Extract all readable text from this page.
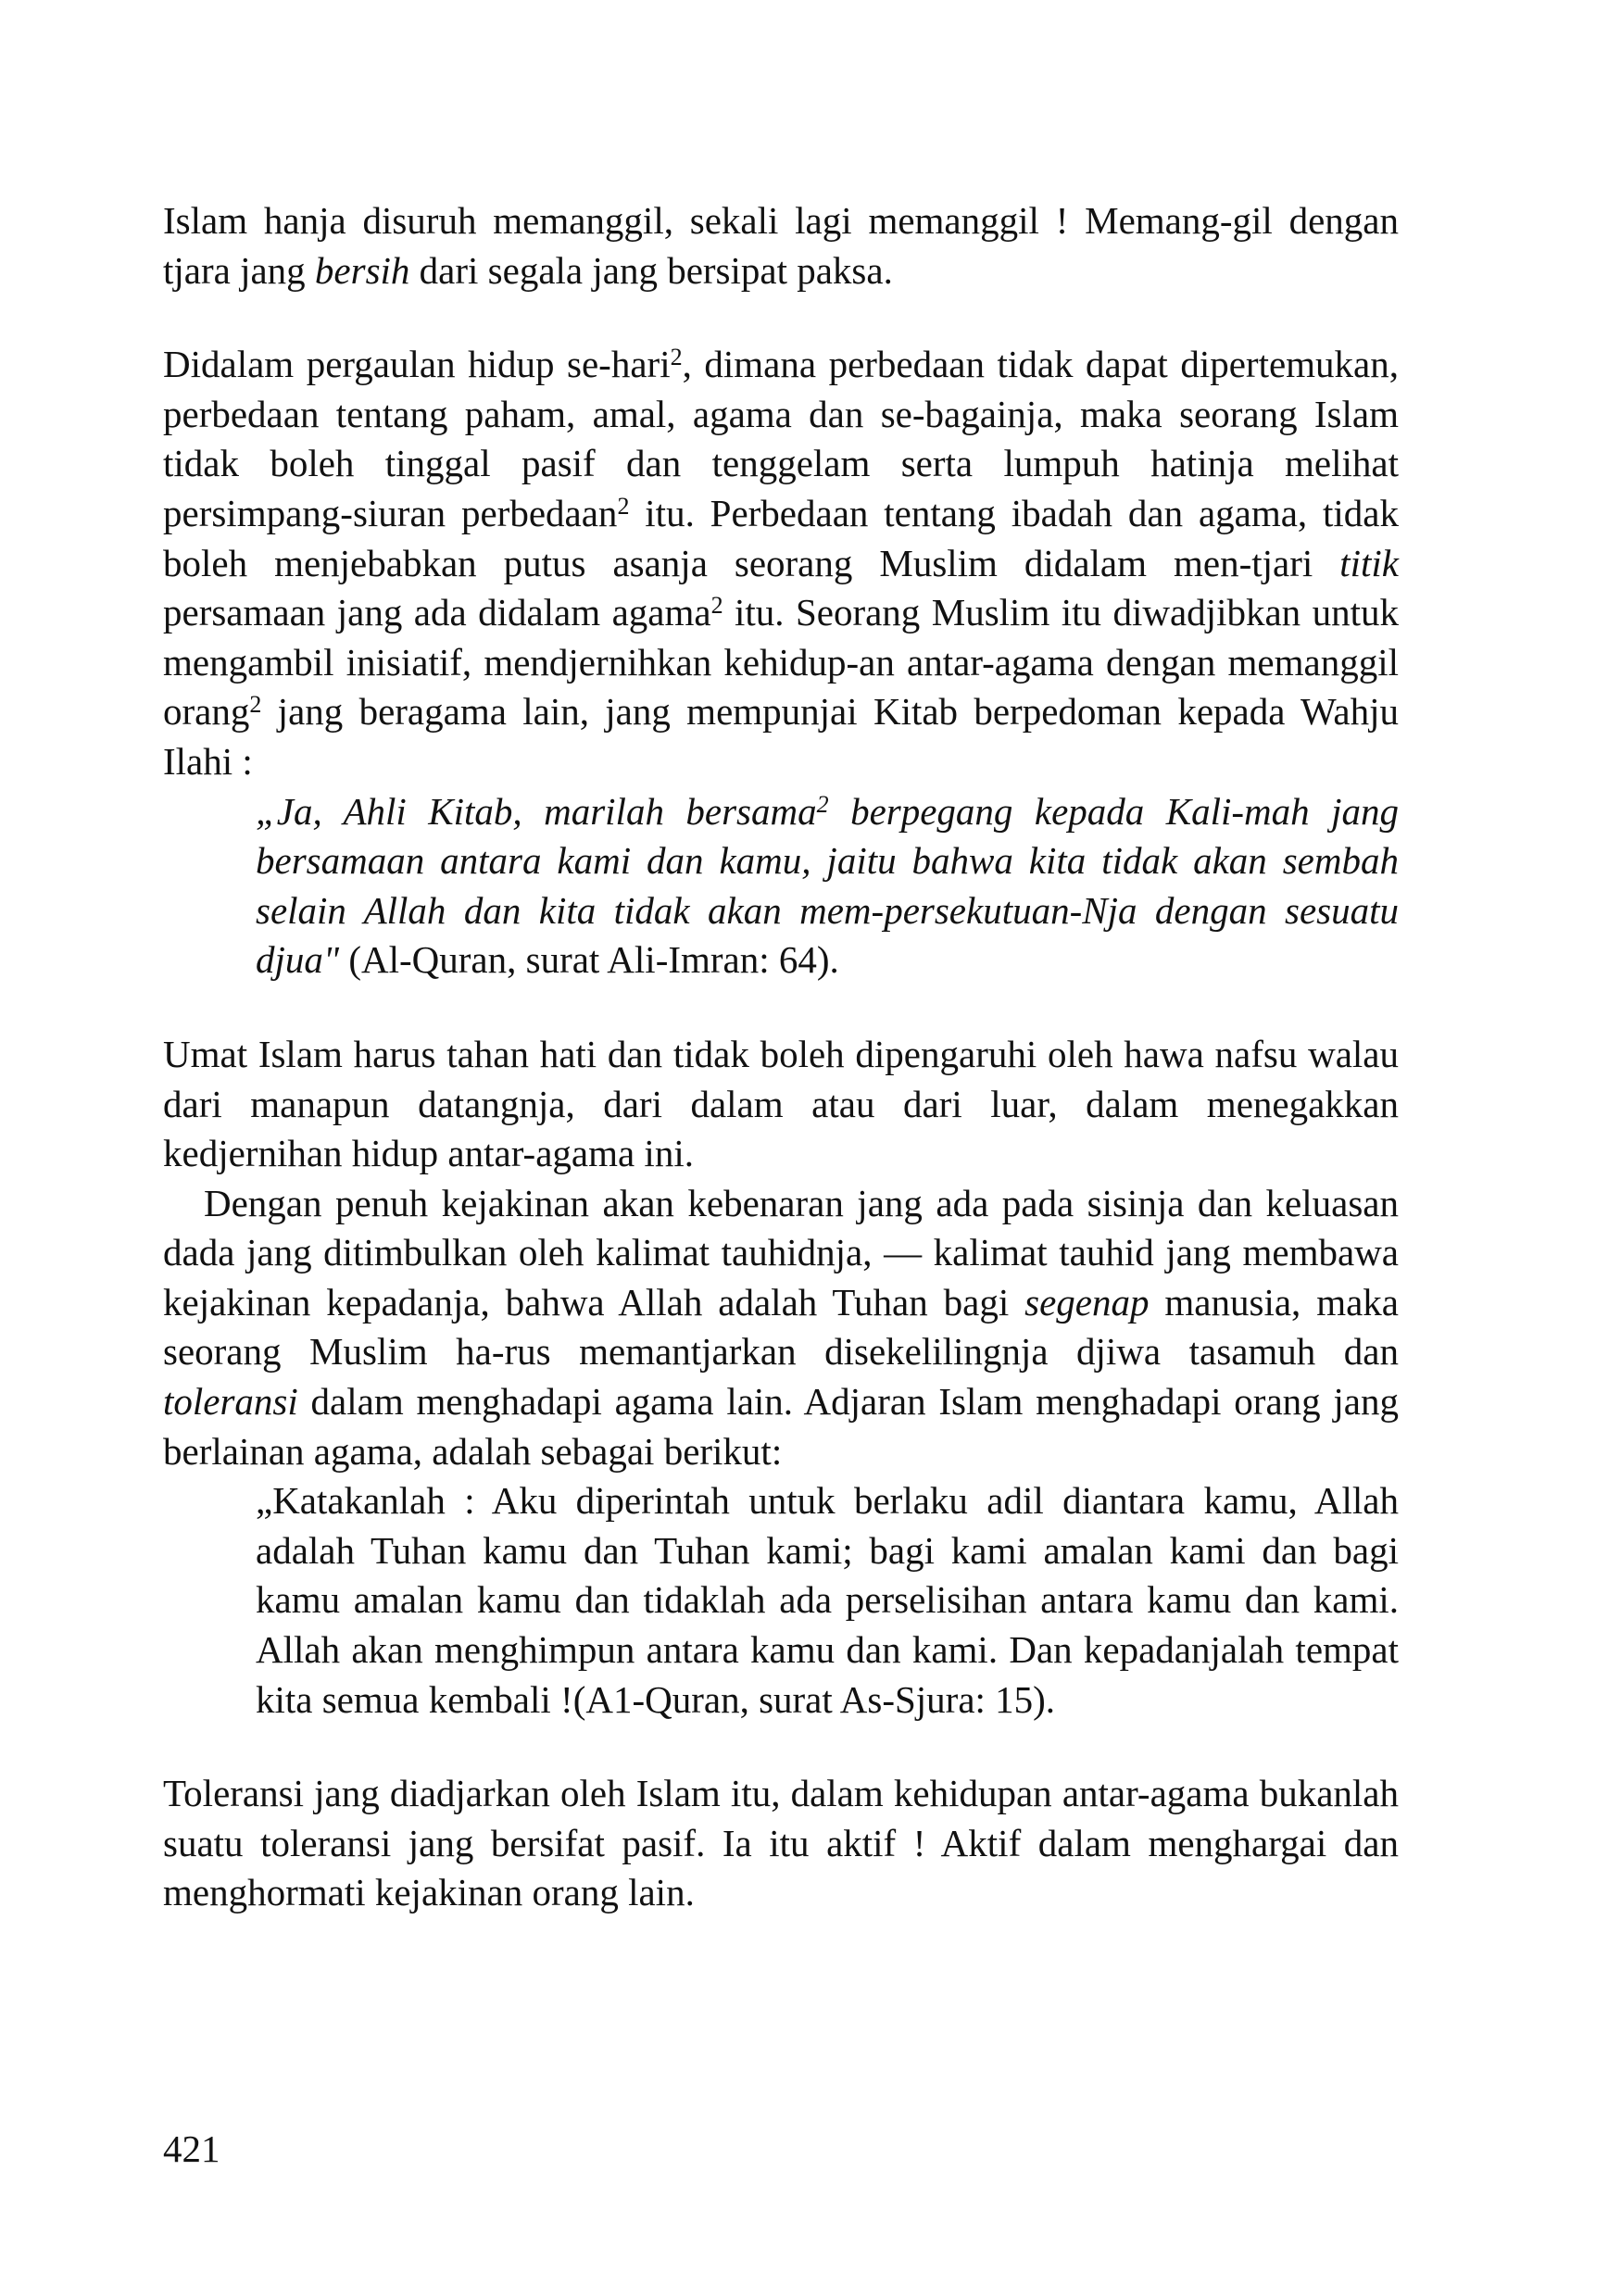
Islam hanja disuruh memanggil, sekali lagi memanggil ! Memang-gil dengan tjara jang bersih dari segala jang bersipat paksa.

Didalam pergaulan hidup se-hari$^2$, dimana perbedaan tidak dapat dipertemukan, perbedaan tentang paham, amal, agama dan se-bagainja, maka seorang Islam tidak boleh tinggal pasif dan tenggelam serta lumpuh hatinja melihat persimpang-siuran perbedaan$^2$ itu. Perbedaan tentang ibadah dan agama, tidak boleh menjebabkan putus asanja seorang Muslim didalam men-tjari titik persamaan jang ada didalam agama$^2$ itu. Seorang Muslim itu diwadjibkan untuk mengambil inisiatif, mendjernihkan kehidup-an antar-agama dengan memanggil orang$^2$ jang beragama lain, jang mempunjai Kitab berpedoman kepada Wahju Ilahi :

„Ja, Ahli Kitab, marilah bersama$^2$ berpegang kepada Kali-mah jang bersamaan antara kami dan kamu, jaitu bahwa kita tidak akan sembah selain Allah dan kita tidak akan mem-persekutuan-Nja dengan sesuatu djua" (Al-Quran, surat Ali-Imran: 64).

Umat Islam harus tahan hati dan tidak boleh dipengaruhi oleh hawa nafsu walau dari manapun datangnja, dari dalam atau dari luar, dalam menegakkan kedjernihan hidup antar-agama ini.

Dengan penuh kejakinan akan kebenaran jang ada pada sisinja dan keluasan dada jang ditimbulkan oleh kalimat tauhidnja, — kalimat tauhid jang membawa kejakinan kepadanja, bahwa Allah adalah Tuhan bagi segenap manusia, maka seorang Muslim ha-rus memantjarkan disekelilingnja djiwa tasamuh dan toleransi dalam menghadapi agama lain. Adjaran Islam menghadapi orang jang berlainan agama, adalah sebagai berikut:

„Katakanlah : Aku diperintah untuk berlaku adil diantara kamu, Allah adalah Tuhan kamu dan Tuhan kami; bagi kami amalan kami dan bagi kamu amalan kamu dan tidaklah ada perselisihan antara kamu dan kami. Allah akan menghimpun antara kamu dan kami. Dan kepadanjalah tempat kita semua kembali !(A1-Quran, surat As-Sjura: 15).

Toleransi jang diadjarkan oleh Islam itu, dalam kehidupan antar-agama bukanlah suatu toleransi jang bersifat pasif. Ia itu aktif ! Aktif dalam menghargai dan menghormati kejakinan orang lain.

421
